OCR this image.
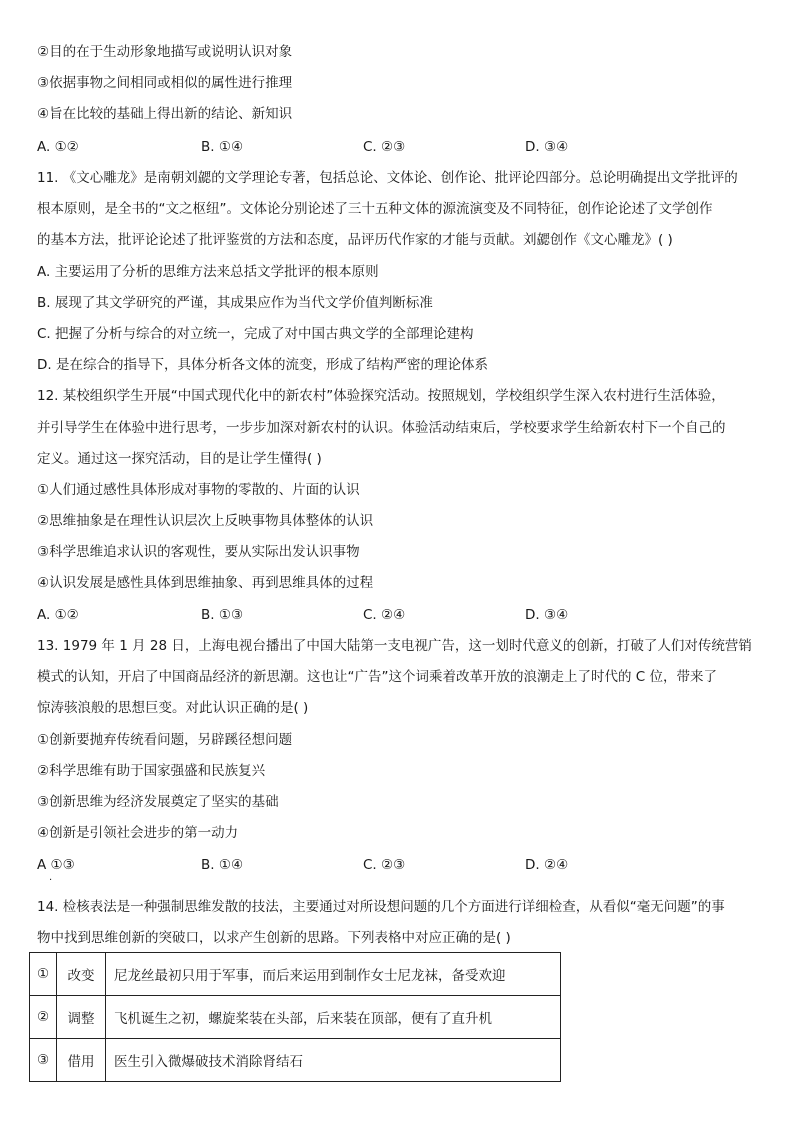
②目的在于生动形象地描写或说明认识对象
③依据事物之间相同或相似的属性进行推理
④旨在比较的基础上得出新的结论、新知识
A. ①②	B. ①④	C. ②③	D. ③④
11. 《文心雕龙》是南朝刘勰的文学理论专著，包括总论、文体论、创作论、批评论四部分。总论明确提出文学批评的
根本原则，是全书的“文之枢纽”。文体论分别论述了三十五种文体的源流演变及不同特征，创作论论述了文学创作
的基本方法，批评论论述了批评鉴赏的方法和态度，品评历代作家的才能与贡献。刘勰创作《文心雕龙》( )
A. 主要运用了分析的思维方法来总括文学批评的根本原则
B. 展现了其文学研究的严谨，其成果应作为当代文学价值判断标准
C. 把握了分析与综合的对立统一，完成了对中国古典文学的全部理论建构
D. 是在综合的指导下，具体分析各文体的流变，形成了结构严密的理论体系
12. 某校组织学生开展“中国式现代化中的新农村”体验探究活动。按照规划，学校组织学生深入农村进行生活体验，
并引导学生在体验中进行思考，一步步加深对新农村的认识。体验活动结束后，学校要求学生给新农村下一个自己的
定义。通过这一探究活动，目的是让学生懂得( )
①人们通过感性具体形成对事物的零散的、片面的认识
②思维抽象是在理性认识层次上反映事物具体整体的认识
③科学思维追求认识的客观性，要从实际出发认识事物
④认识发展是感性具体到思维抽象、再到思维具体的过程
A. ①②	B. ①③	C. ②④	D. ③④
13. 1979 年 1 月 28 日，上海电视台播出了中国大陆第一支电视广告，这一划时代意义的创新，打破了人们对传统营销
模式的认知，开启了中国商品经济的新思潮。这也让“广告”这个词乘着改革开放的浪潮走上了时代的 C 位，带来了
惊涛骇浪般的思想巨变。对此认识正确的是( )
①创新要抛弃传统看问题，另辟蹊径想问题
②科学思维有助于国家强盛和民族复兴
③创新思维为经济发展奠定了坚实的基础
④创新是引领社会进步的第一动力
A ①③	B. ①④	C. ②③	D. ②④
.
14. 检核表法是一种强制思维发散的技法，主要通过对所设想问题的几个方面进行详细检查，从看似“毫无问题”的事
物中找到思维创新的突破口，以求产生创新的思路。下列表格中对应正确的是( )
①	改变	尼龙丝最初只用于军事，而后来运用到制作女士尼龙袜，备受欢迎
②	调整	飞机诞生之初，螺旋桨装在头部，后来装在顶部，便有了直升机
③	借用	医生引入微爆破技术消除肾结石
